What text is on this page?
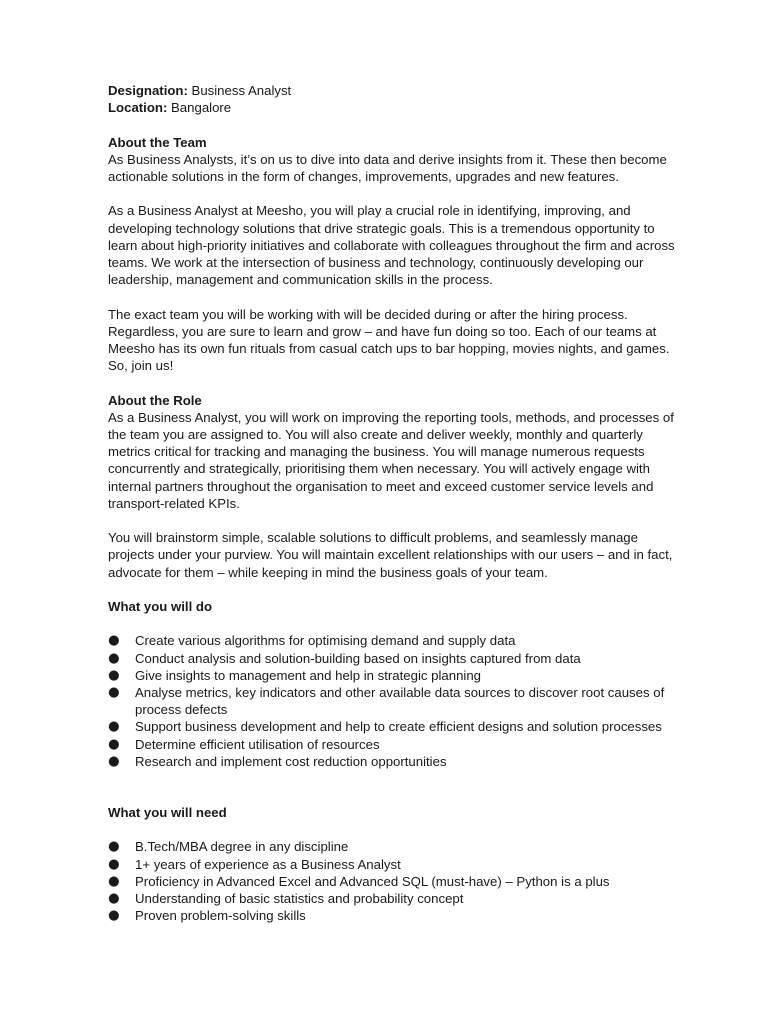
Designation: Business Analyst

Location: Bangalore

About the Team

As Business Analysts, it’s on us to dive into data and derive insights from it. These then become actionable solutions in the form of changes, improvements, upgrades and new features.

As a Business Analyst at Meesho, you will play a crucial role in identifying, improving, and developing technology solutions that drive strategic goals. This is a tremendous opportunity to learn about high-priority initiatives and collaborate with colleagues throughout the firm and across teams. We work at the intersection of business and technology, continuously developing our leadership, management and communication skills in the process.

The exact team you will be working with will be decided during or after the hiring process. Regardless, you are sure to learn and grow – and have fun doing so too. Each of our teams at Meesho has its own fun rituals from casual catch ups to bar hopping, movies nights, and games. So, join us!

About the Role

As a Business Analyst, you will work on improving the reporting tools, methods, and processes of the team you are assigned to. You will also create and deliver weekly, monthly and quarterly metrics critical for tracking and managing the business. You will manage numerous requests concurrently and strategically, prioritising them when necessary. You will actively engage with internal partners throughout the organisation to meet and exceed customer service levels and transport-related KPIs.

You will brainstorm simple, scalable solutions to difficult problems, and seamlessly manage projects under your purview. You will maintain excellent relationships with our users – and in fact, advocate for them – while keeping in mind the business goals of your team.

What you will do

● Create various algorithms for optimising demand and supply data
● Conduct analysis and solution-building based on insights captured from data
● Give insights to management and help in strategic planning
● Analyse metrics, key indicators and other available data sources to discover root causes of process defects
● Support business development and help to create efficient designs and solution processes
● Determine efficient utilisation of resources
● Research and implement cost reduction opportunities

What you will need

● B.Tech/MBA degree in any discipline
● 1+ years of experience as a Business Analyst
● Proficiency in Advanced Excel and Advanced SQL (must-have) – Python is a plus
● Understanding of basic statistics and probability concept
● Proven problem-solving skills
